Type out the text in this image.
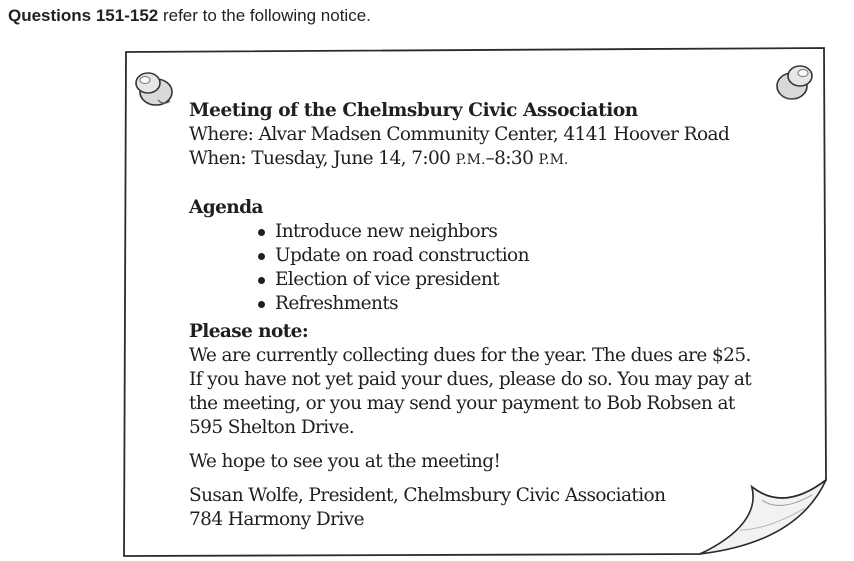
Questions 151-152 refer to the following notice.
Meeting of the Chelmsbury Civic Association
Where: Alvar Madsen Community Center, 4141 Hoover Road
When: Tuesday, June 14, 7:00 P.M.–8:30 P.M.
Agenda
Introduce new neighbors
Update on road construction
Election of vice president
Refreshments
Please note:
We are currently collecting dues for the year. The dues are $25.
If you have not yet paid your dues, please do so. You may pay at
the meeting, or you may send your payment to Bob Robsen at
595 Shelton Drive.
We hope to see you at the meeting!
Susan Wolfe, President, Chelmsbury Civic Association
784 Harmony Drive
